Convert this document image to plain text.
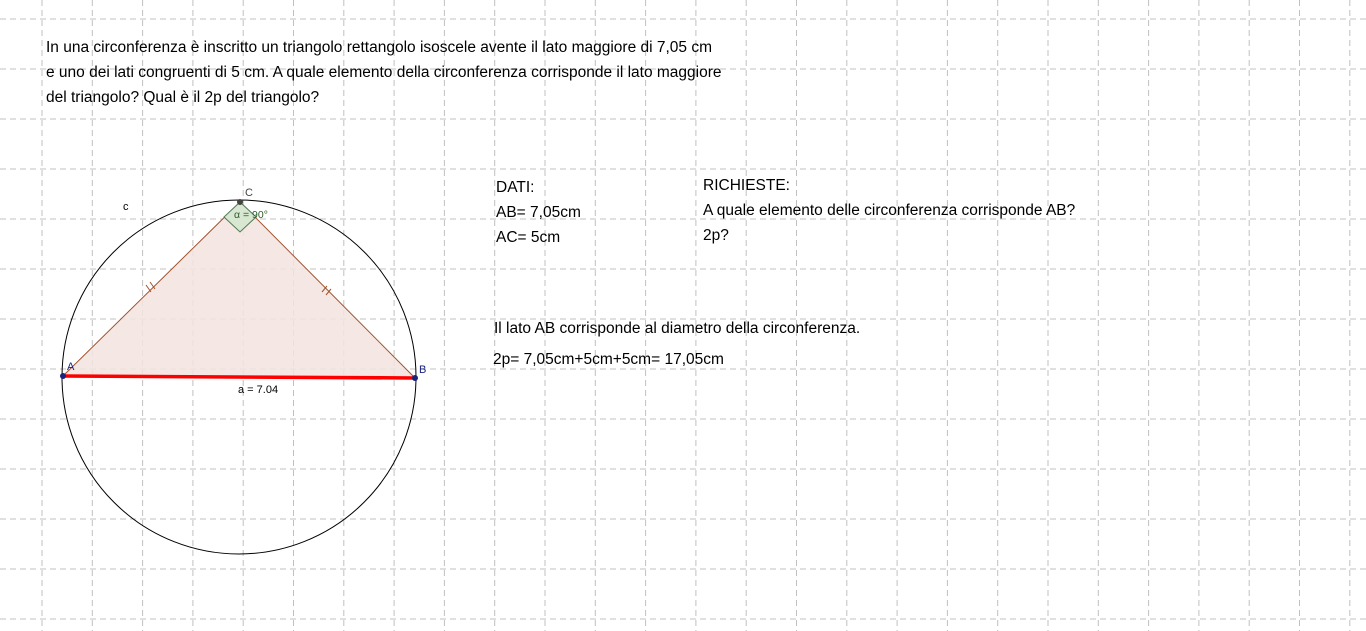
c
A	B
C
α = 90°
a = 7.04
In una circonferenza è inscritto un triangolo rettangolo isoscele avente il lato maggiore di 7,05 cm
e uno dei lati congruenti di 5 cm. A quale elemento della circonferenza corrisponde il lato maggiore
del triangolo? Qual è il 2p del triangolo?
DATI:
AB= 7,05cm
AC= 5cm
RICHIESTE:
A quale elemento delle circonferenza corrisponde AB?
2p?
Il lato AB corrisponde al diametro della circonferenza.
2p= 7,05cm+5cm+5cm= 17,05cm
